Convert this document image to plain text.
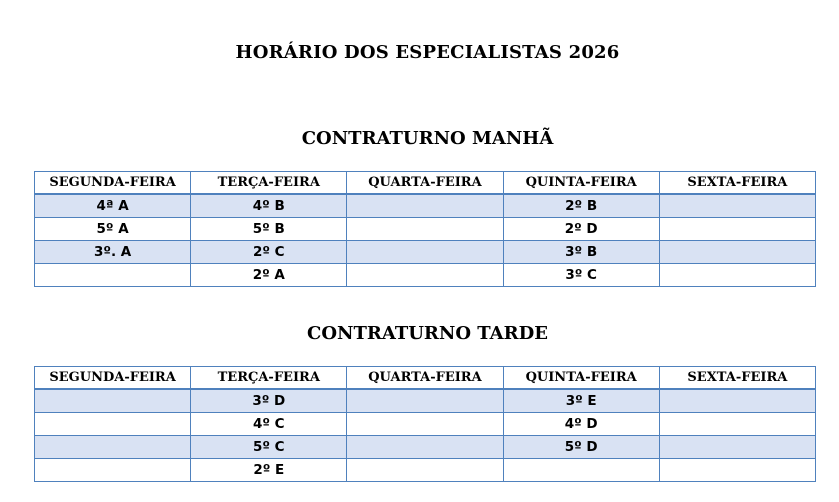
HORÁRIO DOS ESPECIALISTAS 2026
CONTRATURNO MANHÃ
SEGUNDA-FEIRA	TERÇA-FEIRA	QUARTA-FEIRA	QUINTA-FEIRA	SEXTA-FEIRA
4ª A	4º B		2º B	
5º A	5º B		2º D	
3º. A	2º C		3º B	
	2º A		3º C	
CONTRATURNO TARDE
SEGUNDA-FEIRA	TERÇA-FEIRA	QUARTA-FEIRA	QUINTA-FEIRA	SEXTA-FEIRA
	3º D		3º E	
	4º C		4º D	
	5º C		5º D	
	2º E			
